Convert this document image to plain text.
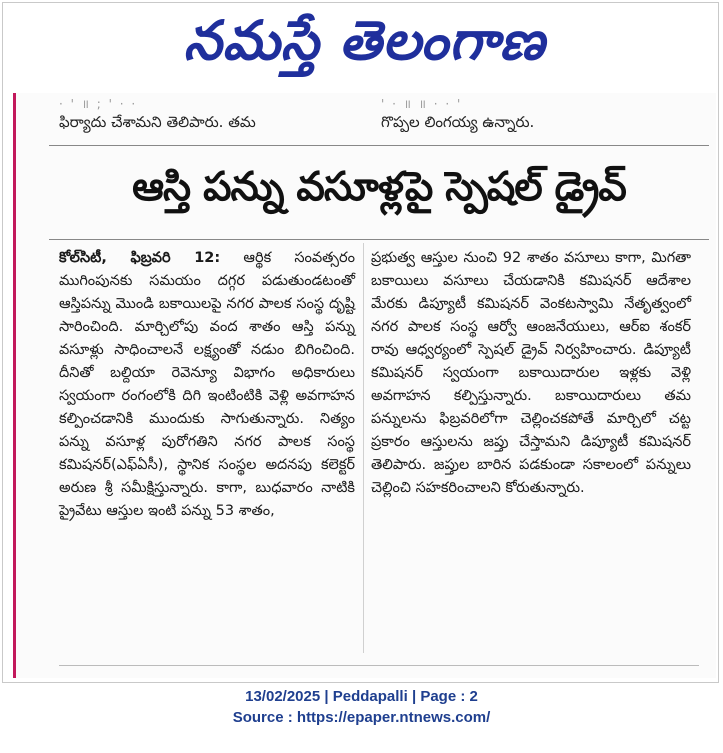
నమస్తే తెలంగాణ
· ' ॥ ; ' · ·
ఫిర్యాదు చేశామని తెలిపారు. తమ
' · ॥ ॥ · · '
గొప్పల లింగయ్య ఉన్నారు.
ఆస్తి పన్ను వసూళ్లపై స్పెషల్ డ్రైవ్
కోల్‌సిటీ, ఫిబ్రవరి 12: ఆర్థిక సంవత్సరం ముగింపునకు సమయం దగ్గర పడుతుండటంతో ఆస్తిపన్ను మొండి బకాయిలపై నగర పాలక సంస్థ దృష్టి సారించింది. మార్చిలోపు వంద శాతం ఆస్తి పన్ను వసూళ్లు సాధించాలనే లక్ష్యంతో నడుం బిగించింది. దీనితో బల్దియా రెవెన్యూ విభాగం అధికారులు స్వయంగా రంగంలోకి దిగి ఇంటింటికి వెళ్లి అవగాహన కల్పించడానికి ముందుకు సాగుతున్నారు. నిత్యం పన్ను వసూళ్ల పురోగతిని నగర పాలక సంస్థ కమిషనర్(ఎఫ్ఏసీ), స్థానిక సంస్థల అదనపు కలెక్టర్ అరుణ శ్రీ సమీక్షిస్తున్నారు. కాగా, బుధవారం నాటికి ప్రైవేటు ఆస్తుల ఇంటి పన్ను 53 శాతం,
ప్రభుత్వ ఆస్తుల నుంచి 92 శాతం వసూలు కాగా, మిగతా బకాయిలు వసూలు చేయడానికి కమిషనర్ ఆదేశాల మేరకు డిప్యూటీ కమిషనర్ వెంకటస్వామి నేతృత్వంలో నగర పాలక సంస్థ ఆర్వో ఆంజనేయులు, ఆర్ఐ శంకర్ రావు ఆధ్వర్యంలో స్పెషల్ డ్రైవ్ నిర్వహించారు. డిప్యూటీ కమిషనర్ స్వయంగా బకాయిదారుల ఇళ్లకు వెళ్లి అవగాహన కల్పిస్తున్నారు. బకాయిదారులు తమ పన్నులను ఫిబ్రవరిలోగా చెల్లించకపోతే మార్చిలో చట్ట ప్రకారం ఆస్తులను జప్తు చేస్తామని డిప్యూటీ కమిషనర్ తెలిపారు. జప్తుల బారిన పడకుండా సకాలంలో పన్నులు చెల్లించి సహకరించాలని కోరుతున్నారు.
13/02/2025 | Peddapalli | Page : 2
Source : https://epaper.ntnews.com/
